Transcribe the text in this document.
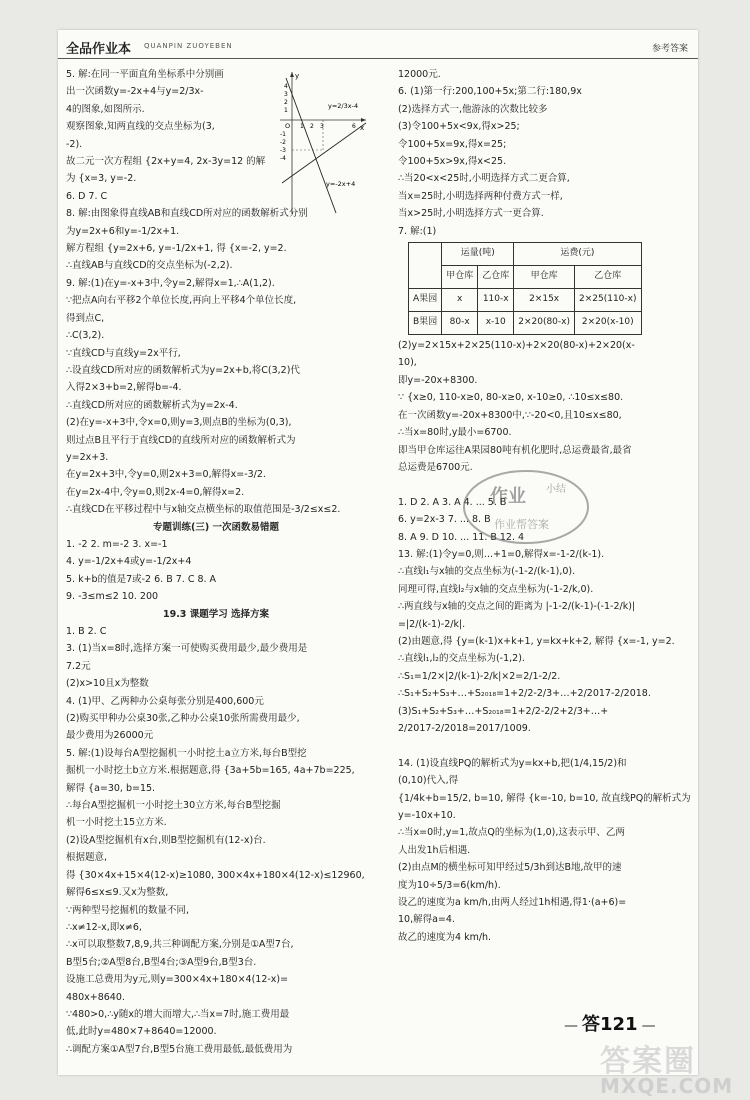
全品作业本 QUANPIN ZUOYEBEN	参考答案

5. 解:在同一平面直角坐标系中分别画

出一次函数y=-2x+4与y=2/3x-

4的图象,如图所示.

观察图象,知两直线的交点坐标为(3,

-2).

故二元一次方程组 {2x+y=4, 2x-3y=12 的解

为 {x=3, y=-2.

6. D 7. C

8. 解:由图象得直线AB和直线CD所对应的函数解析式分别

为y=2x+6和y=-1/2x+1.

解方程组 {y=2x+6, y=-1/2x+1, 得 {x=-2, y=2.

∴直线AB与直线CD的交点坐标为(-2,2).

9. 解:(1)在y=-x+3中,令y=2,解得x=1,∴A(1,2).

∵把点A向右平移2个单位长度,再向上平移4个单位长度,

得到点C,

∴C(3,2).

∵直线CD与直线y=2x平行,

∴设直线CD所对应的函数解析式为y=2x+b,将C(3,2)代

入得2×3+b=2,解得b=-4.

∴直线CD所对应的函数解析式为y=2x-4.

(2)在y=-x+3中,令x=0,则y=3,则点B的坐标为(0,3),

则过点B且平行于直线CD的直线所对应的函数解析式为

y=2x+3.

在y=2x+3中,令y=0,则2x+3=0,解得x=-3/2.

在y=2x-4中,令y=0,则2x-4=0,解得x=2.

∴直线CD在平移过程中与x轴交点横坐标的取值范围是-3/2≤x≤2.

专题训练(三) 一次函数易错题

1. -2 2. m=-2 3. x=-1

4. y=-1/2x+4或y=-1/2x+4

5. k+b的值是7或-2 6. B 7. C 8. A

9. -3≤m≤2 10. 200

19.3 课题学习 选择方案

1. B 2. C

3. (1)当x=8时,选择方案一可使购买费用最少,最少费用是

7.2元

(2)x>10且x为整数

4. (1)甲、乙两种办公桌每张分别是400,600元

(2)购买甲种办公桌30张,乙种办公桌10张所需费用最少,

最少费用为26000元

5. 解:(1)设每台A型挖掘机一小时挖土a立方米,每台B型挖

掘机一小时挖土b立方米.根据题意,得 {3a+5b=165, 4a+7b=225,

解得 {a=30, b=15.

∴每台A型挖掘机一小时挖土30立方米,每台B型挖掘

机一小时挖土15立方米.

(2)设A型挖掘机有x台,则B型挖掘机有(12-x)台.

根据题意,

得 {30×4x+15×4(12-x)≥1080, 300×4x+180×4(12-x)≤12960,

解得6≤x≤9.又x为整数,

∵两种型号挖掘机的数量不同,

∴x≠12-x,即x≠6,

∴x可以取整数7,8,9,共三种调配方案,分别是①A型7台,

B型5台;②A型8台,B型4台;③A型9台,B型3台.

设施工总费用为y元,则y=300×4x+180×4(12-x)=

480x+8640.

∵480>0,∴y随x的增大而增大,∴当x=7时,施工费用最

低,此时y=480×7+8640=12000.

∴调配方案①A型7台,B型5台施工费用最低,最低费用为

y
x
O
y=2/3x-4
y=-2x+4
4
3
2
1
-1
-2
-3
-4
1 2 3	6

12000元.

6. (1)第一行:200,100+5x;第二行:180,9x

(2)选择方式一,他游泳的次数比较多

(3)令100+5x<9x,得x>25;

令100+5x=9x,得x=25;

令100+5x>9x,得x<25.

∴当20<x<25时,小明选择方式二更合算,

当x=25时,小明选择两种付费方式一样,

当x>25时,小明选择方式一更合算.

7. 解:(1)

	运量(吨)		运费(元)	
	甲仓库	乙仓库	甲仓库	乙仓库
A果园	x	110-x	2×15x	2×25(110-x)
B果园	80-x	x-10	2×20(80-x)	2×20(x-10)

(2)y=2×15x+2×25(110-x)+2×20(80-x)+2×20(x-

10),

即y=-20x+8300.

∵ {x≥0, 110-x≥0, 80-x≥0, x-10≥0, ∴10≤x≤80.

在一次函数y=-20x+8300中,∵-20<0,且10≤x≤80,

∴当x=80时,y最小=6700.

即当甲仓库运往A果园80吨有机化肥时,总运费最省,最省

总运费是6700元.

1. D 2. A 3. A 4. ... 5. B

6. y=2x-3 7. ... 8. B

8. A 9. D 10. ... 11. B 12. 4

13. 解:(1)令y=0,则...+1=0,解得x=-1-2/(k-1).

∴直线l₁与x轴的交点坐标为(-1-2/(k-1),0).

同理可得,直线l₂与x轴的交点坐标为(-1-2/k,0).

∴两直线与x轴的交点之间的距离为 |-1-2/(k-1)-(-1-2/k)|

=|2/(k-1)-2/k|.

(2)由题意,得 {y=(k-1)x+k+1, y=kx+k+2, 解得 {x=-1, y=2.

∴直线l₁,l₂的交点坐标为(-1,2).

∴S₁=1/2×|2/(k-1)-2/k|×2=2/1-2/2.

∴S₁+S₂+S₃+…+S₂₀₁₈=1+2/2-2/3+…+2/2017-2/2018.

(3)S₁+S₂+S₃+…+S₂₀₁₈=1+2/2-2/2+2/3+…+

2/2017-2/2018=2017/1009.

14. (1)设直线PQ的解析式为y=kx+b,把(1/4,15/2)和

(0,10)代入,得

{1/4k+b=15/2, b=10, 解得 {k=-10, b=10, 故直线PQ的解析式为

y=-10x+10.

∴当x=0时,y=1,故点Q的坐标为(1,0),这表示甲、乙两

人出发1h后相遇.

(2)由点M的横坐标可知甲经过5/3h到达B地,故甲的速

度为10÷5/3=6(km/h).

设乙的速度为a km/h,由两人经过1h相遇,得1·(a+6)=

10,解得a=4.

故乙的速度为4 km/h.

作业 小结
作业帮答案
— 答121 —
答案圈
MXQE.COM
